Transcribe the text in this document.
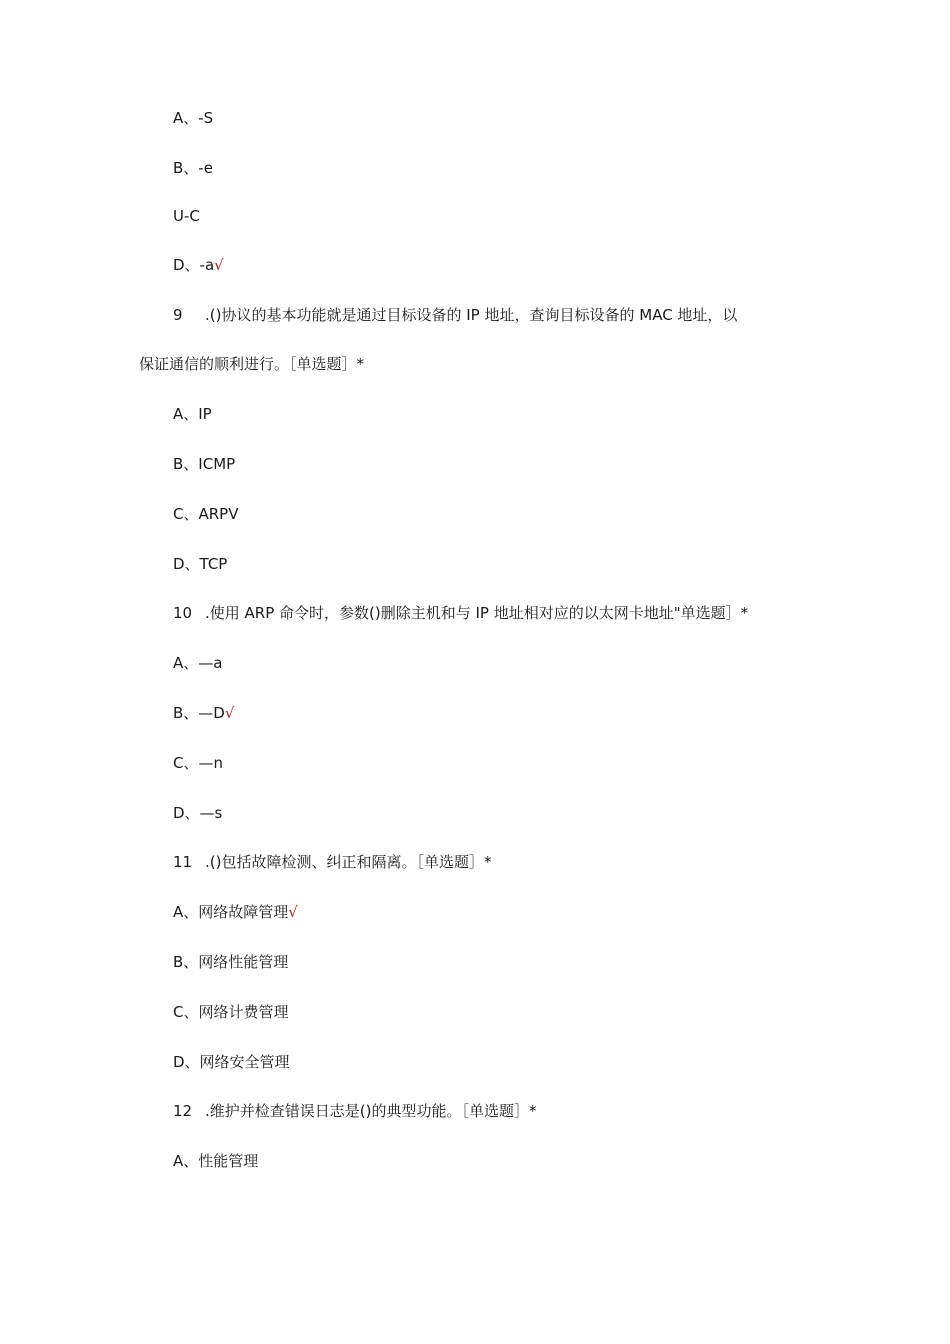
A、-S
B、-e
U-C
D、-a√
9 .()协议的基本功能就是通过目标设备的 IP 地址，查询目标设备的 MAC 地址，以
保证通信的顺利进行。［单选题］*
A、IP
B、ICMP
C、ARPV
D、TCP
10 .使用 ARP 命令时，参数()删除主机和与 IP 地址相对应的以太网卡地址"单选题］*
A、—a
B、—D√
C、—n
D、—s
11 .()包括故障检测、纠正和隔离。［单选题］*
A、网络故障管理√
B、网络性能管理
C、网络计费管理
D、网络安全管理
12 .维护并检查错误日志是()的典型功能。［单选题］*
A、性能管理
